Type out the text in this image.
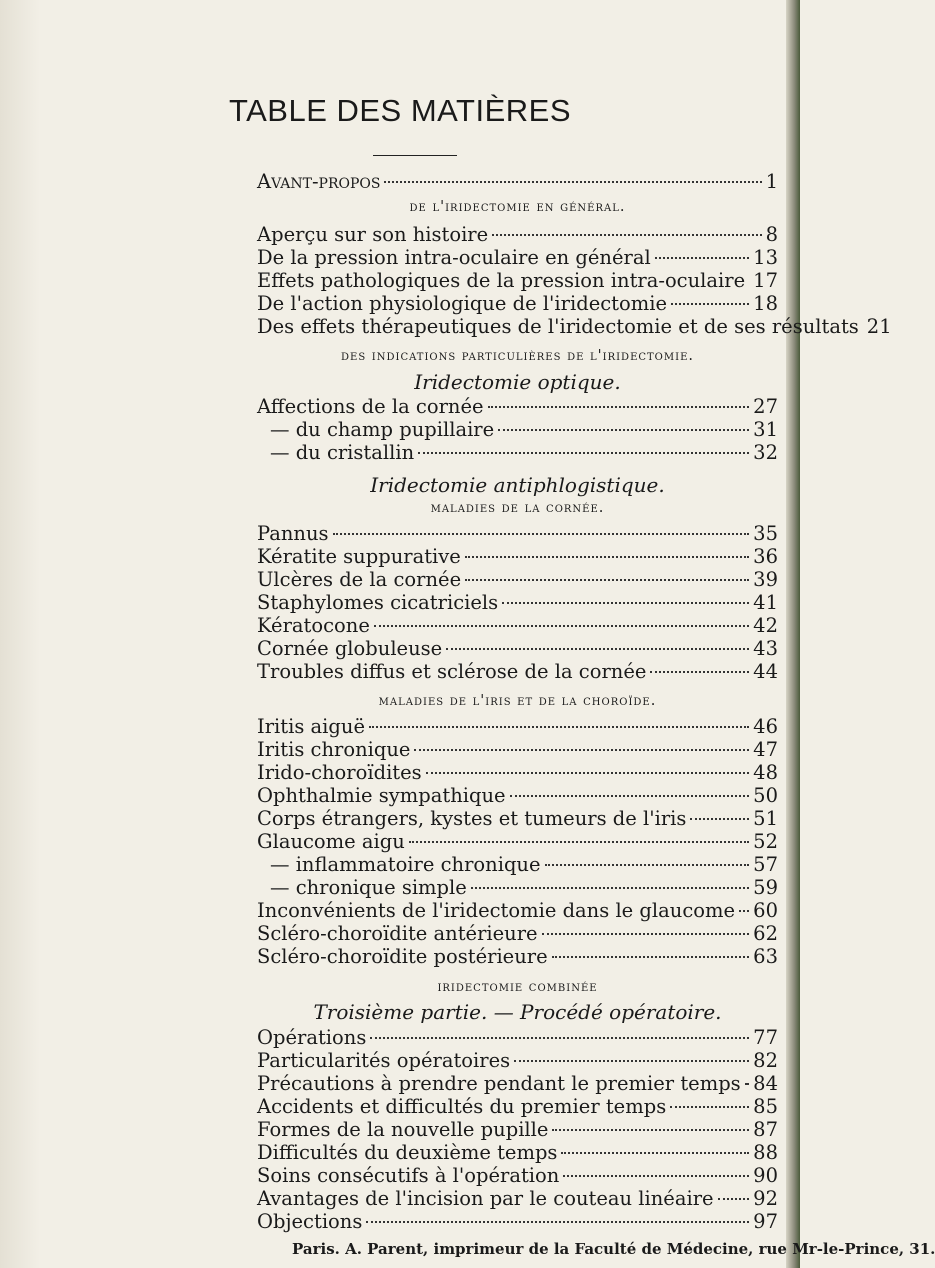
TABLE DES MATIÈRES
Avant-propos	1
de l'iridectomie en général.
Aperçu sur son histoire	8
De la pression intra-oculaire en général	13
Effets pathologiques de la pression intra-oculaire 17
De l'action physiologique de l'iridectomie	18
Des effets thérapeutiques de l'iridectomie et de ses résultats 21
des indications particulières de l'iridectomie.
Iridectomie optique.
Affections de la cornée	27
— du champ pupillaire	31
— du cristallin	32
Iridectomie antiphlogistique.
maladies de la cornée.
Pannus	35
Kératite suppurative	36
Ulcères de la cornée	39
Staphylomes cicatriciels	41
Kératocone	42
Cornée globuleuse	43
Troubles diffus et sclérose de la cornée	44
maladies de l'iris et de la choroïde.
Iritis aiguë	46
Iritis chronique	47
Irido-choroïdites	48
Ophthalmie sympathique	50
Corps étrangers, kystes et tumeurs de l'iris	51
Glaucome aigu	52
— inflammatoire chronique	57
— chronique simple	59
Inconvénients de l'iridectomie dans le glaucome 60
Scléro-choroïdite antérieure	62
Scléro-choroïdite postérieure	63
iridectomie combinée
Troisième partie. — Procédé opératoire.
Opérations	77
Particularités opératoires	82
Précautions à prendre pendant le premier temps 84
Accidents et difficultés du premier temps	85
Formes de la nouvelle pupille	87
Difficultés du deuxième temps	88
Soins consécutifs à l'opération	90
Avantages de l'incision par le couteau linéaire 92
Objections	97
Paris. A. Parent, imprimeur de la Faculté de Médecine, rue Mr-le-Prince, 31.
